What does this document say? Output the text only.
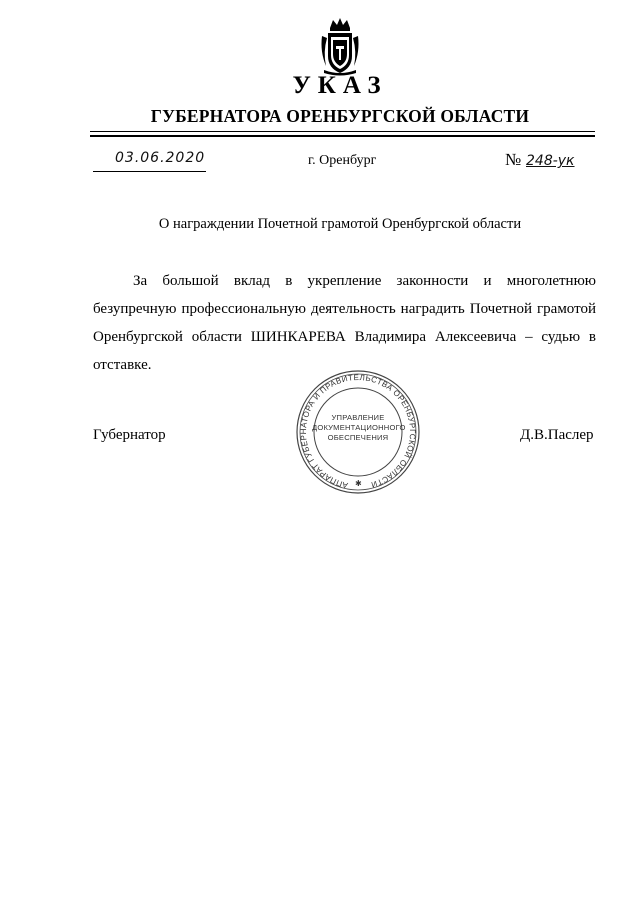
УКАЗ
ГУБЕРНАТОРА ОРЕНБУРГСКОЙ ОБЛАСТИ
03.06.2020	г. Оренбург	№ 248-ук
О награждении Почетной грамотой Оренбургской области

За большой вклад в укрепление законности и многолетнюю безупречную профессиональную деятельность наградить Почетной грамотой Оренбургской области ШИНКАРЕВА Владимира Алексеевича – судью в отставке.

Губернатор
АППАРАТ ГУБЕРНАТОРА И ПРАВИТЕЛЬСТВА ОРЕНБУРГСКОЙ ОБЛАСТИ
✱
УПРАВЛЕНИЕ
ДОКУМЕНТАЦИОННОГО
ОБЕСПЕЧЕНИЯ	Д.В.Паслер
